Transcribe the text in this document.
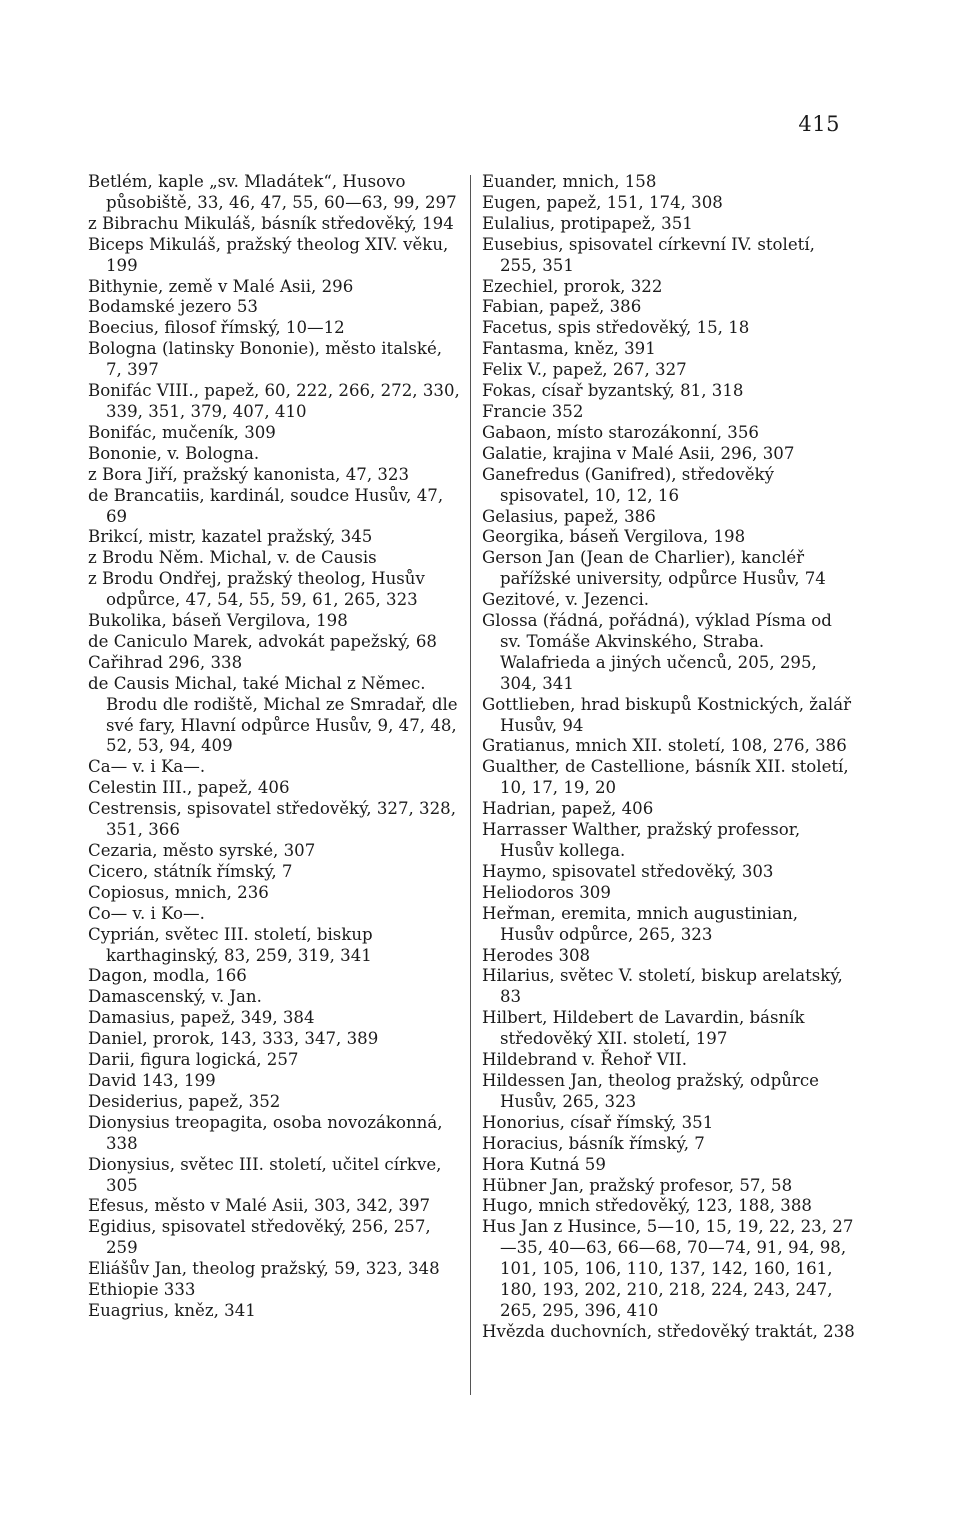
415

Betlém, kaple „sv. Mladátek“, Husovo působiště, 33, 46, 47, 55, 60—63, 99, 297

z Bibrachu Mikuláš, básník středověký, 194

Biceps Mikuláš, pražský theolog XIV. věku, 199

Bithynie, země v Malé Asii, 296

Bodamské jezero 53

Boecius, filosof římský, 10—12

Bologna (latinsky Bononie), město italské, 7, 397

Bonifác VIII., papež, 60, 222, 266, 272, 330, 339, 351, 379, 407, 410

Bonifác, mučeník, 309

Bononie, v. Bologna.

z Bora Jiří, pražský kanonista, 47, 323

de Brancatiis, kardinál, soudce Husův, 47, 69

Brikcí, mistr, kazatel pražský, 345

z Brodu Něm. Michal, v. de Causis

z Brodu Ondřej, pražský theolog, Husův odpůrce, 47, 54, 55, 59, 61, 265, 323

Bukolika, báseň Vergilova, 198

de Caniculo Marek, advokát papežský, 68

Cařihrad 296, 338

de Causis Michal, také Michal z Němec. Brodu dle rodiště, Michal ze Smradař, dle své fary, Hlavní odpůrce Husův, 9, 47, 48, 52, 53, 94, 409

Ca— v. i Ka—.

Celestin III., papež, 406

Cestrensis, spisovatel středověký, 327, 328, 351, 366

Cezaria, město syrské, 307

Cicero, státník římský, 7

Copiosus, mnich, 236

Co— v. i Ko—.

Cyprián, světec III. století, biskup karthaginský, 83, 259, 319, 341

Dagon, modla, 166

Damascenský, v. Jan.

Damasius, papež, 349, 384

Daniel, prorok, 143, 333, 347, 389

Darii, figura logická, 257

David 143, 199

Desiderius, papež, 352

Dionysius treopagita, osoba novozákonná, 338

Dionysius, světec III. století, učitel církve, 305

Efesus, město v Malé Asii, 303, 342, 397

Egidius, spisovatel středověký, 256, 257, 259

Eliášův Jan, theolog pražský, 59, 323, 348

Ethiopie 333

Euagrius, kněz, 341

Euander, mnich, 158

Eugen, papež, 151, 174, 308

Eulalius, protipapež, 351

Eusebius, spisovatel církevní IV. století, 255, 351

Ezechiel, prorok, 322

Fabian, papež, 386

Facetus, spis středověký, 15, 18

Fantasma, kněz, 391

Felix V., papež, 267, 327

Fokas, císař byzantský, 81, 318

Francie 352

Gabaon, místo starozákonní, 356

Galatie, krajina v Malé Asii, 296, 307

Ganefredus (Ganifred), středověký spisovatel, 10, 12, 16

Gelasius, papež, 386

Georgika, báseň Vergilova, 198

Gerson Jan (Jean de Charlier), kancléř pařížské university, odpůrce Husův, 74

Gezitové, v. Jezenci.

Glossa (řádná, pořádná), výklad Písma od sv. Tomáše Akvinského, Straba. Walafrieda a jiných učenců, 205, 295, 304, 341

Gottlieben, hrad biskupů Kostnických, žalář Husův, 94

Gratianus, mnich XII. století, 108, 276, 386

Gualther, de Castellione, básník XII. století, 10, 17, 19, 20

Hadrian, papež, 406

Harrasser Walther, pražský professor, Husův kollega.

Haymo, spisovatel středověký, 303

Heliodoros 309

Heřman, eremita, mnich augustinian, Husův odpůrce, 265, 323

Herodes 308

Hilarius, světec V. století, biskup arelatský, 83

Hilbert, Hildebert de Lavardin, básník středověký XII. století, 197

Hildebrand v. Řehoř VII.

Hildessen Jan, theolog pražský, odpůrce Husův, 265, 323

Honorius, císař římský, 351

Horacius, básník římský, 7

Hora Kutná 59

Hübner Jan, pražský profesor, 57, 58

Hugo, mnich středověký, 123, 188, 388

Hus Jan z Husince, 5—10, 15, 19, 22, 23, 27—35, 40—63, 66—68, 70—74, 91, 94, 98, 101, 105, 106, 110, 137, 142, 160, 161, 180, 193, 202, 210, 218, 224, 243, 247, 265, 295, 396, 410

Hvězda duchovních, středověký traktát, 238
